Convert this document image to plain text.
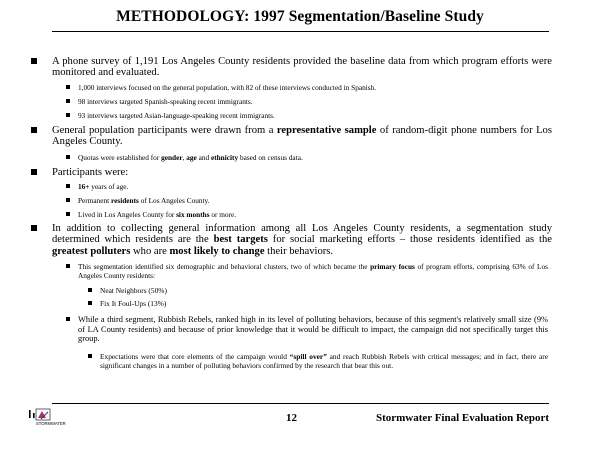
METHODOLOGY: 1997 Segmentation/Baseline Study
A phone survey of 1,191 Los Angeles County residents provided the baseline data from which program efforts were monitored and evaluated.
1,000 interviews focused on the general population, with 82 of these interviews conducted in Spanish.
98 interviews targeted Spanish-speaking recent immigrants.
93 interviews targeted Asian-language-speaking recent immigrants.
General population participants were drawn from a representative sample of random-digit phone numbers for Los Angeles County.
Quotas were established for gender, age and ethnicity based on census data.
Participants were:
16+ years of age.
Permanent residents of Los Angeles County.
Lived in Los Angeles County for six months or more.
In addition to collecting general information among all Los Angeles County residents, a segmentation study determined which residents are the best targets for social marketing efforts – those residents identified as the greatest polluters who are most likely to change their behaviors.
This segmentation identified six demographic and behavioral clusters, two of which became the primary focus of program efforts, comprising 63% of Los Angeles County residents:
Neat Neighbors (50%)
Fix It Foul-Ups (13%)
While a third segment, Rubbish Rebels, ranked high in its level of polluting behaviors, because of this segment's relatively small size (9% of LA County residents) and because of prior knowledge that it would be difficult to impact, the campaign did not specifically target this group.
Expectations were that core elements of the campaign would “spill over” and reach Rubbish Rebels with critical messages; and in fact, there are significant changes in a number of polluting behaviors confirmed by the research that bear this out.
STORMWATER	12	Stormwater Final Evaluation Report
